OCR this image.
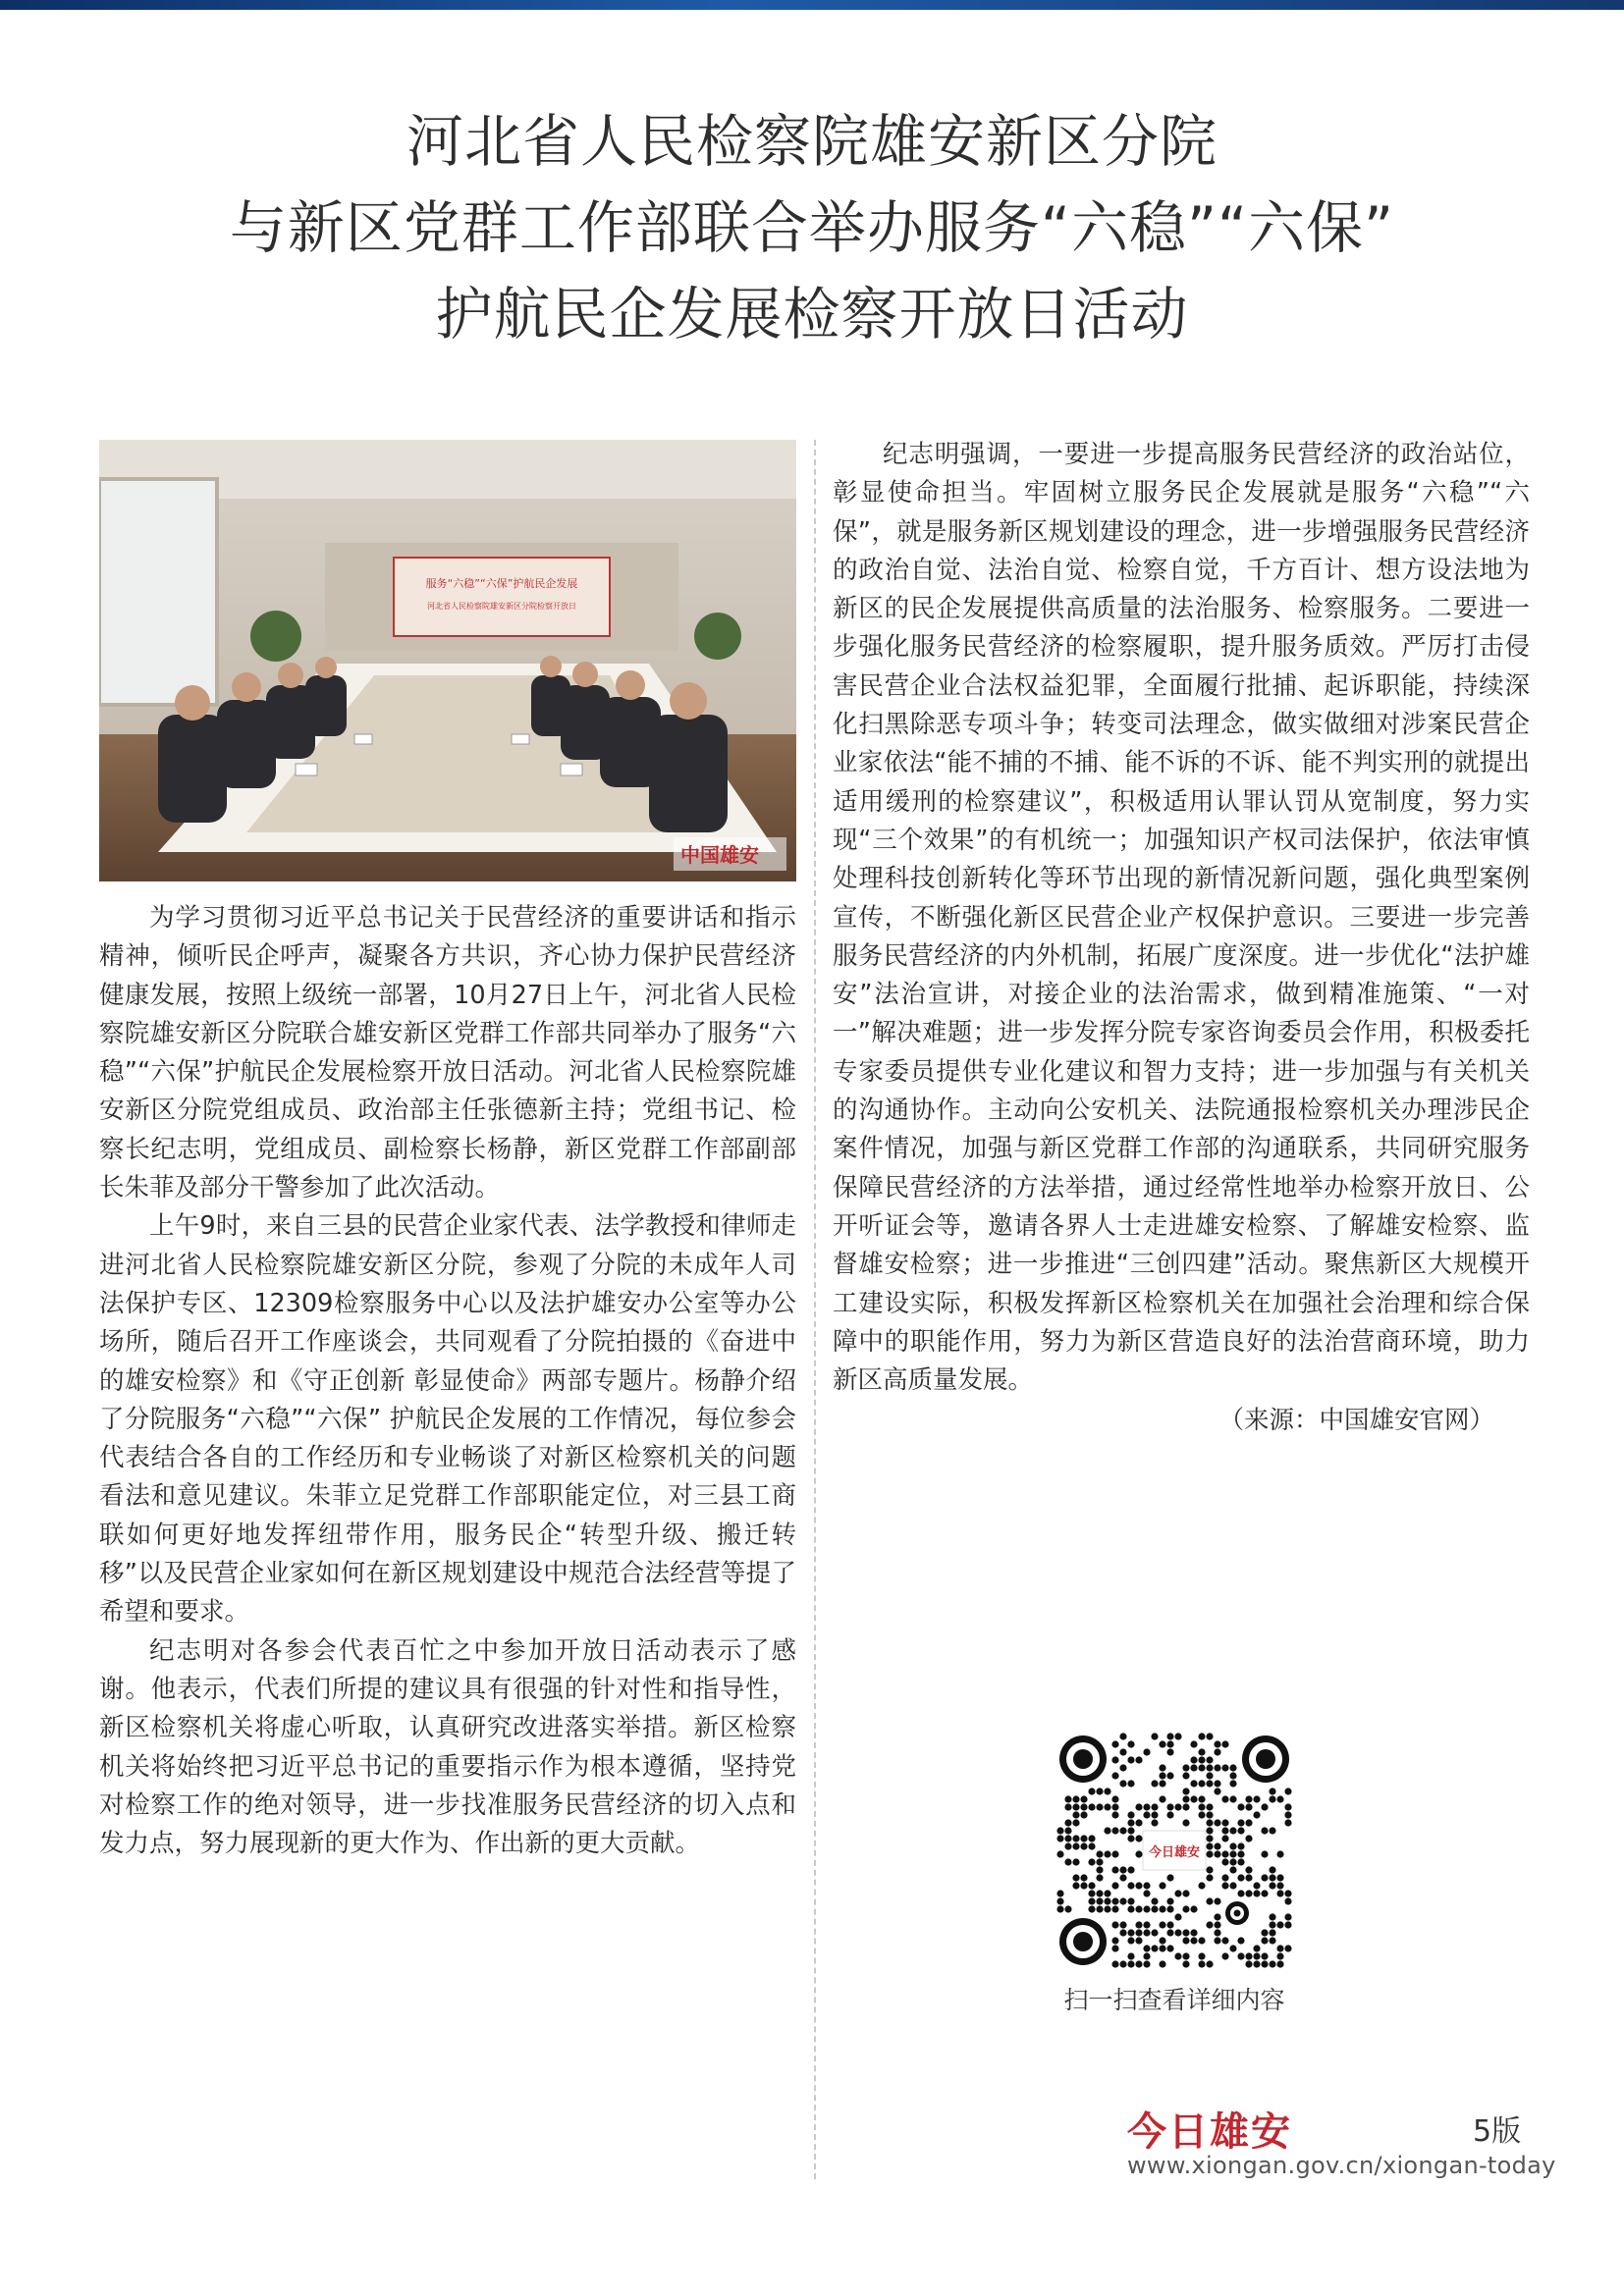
河北省人民检察院雄安新区分院
与新区党群工作部联合举办服务“六稳”“六保”
护航民企发展检察开放日活动
服务“六稳”“六保”护航民企发展
河北省人民检察院雄安新区分院检察开放日
中国雄安

为学习贯彻习近平总书记关于民营经济的重要讲话和指示精神，倾听民企呼声，凝聚各方共识，齐心协力保护民营经济健康发展，按照上级统一部署，10月27日上午，河北省人民检察院雄安新区分院联合雄安新区党群工作部共同举办了服务“六稳”“六保”护航民企发展检察开放日活动。河北省人民检察院雄安新区分院党组成员、政治部主任张德新主持；党组书记、检察长纪志明，党组成员、副检察长杨静，新区党群工作部副部长朱菲及部分干警参加了此次活动。

上午9时，来自三县的民营企业家代表、法学教授和律师走进河北省人民检察院雄安新区分院，参观了分院的未成年人司法保护专区、12309检察服务中心以及法护雄安办公室等办公场所，随后召开工作座谈会，共同观看了分院拍摄的《奋进中的雄安检察》和《守正创新 彰显使命》两部专题片。杨静介绍了分院服务“六稳”“六保” 护航民企发展的工作情况，每位参会代表结合各自的工作经历和专业畅谈了对新区检察机关的问题看法和意见建议。朱菲立足党群工作部职能定位，对三县工商联如何更好地发挥纽带作用，服务民企“转型升级、搬迁转移”以及民营企业家如何在新区规划建设中规范合法经营等提了希望和要求。

纪志明对各参会代表百忙之中参加开放日活动表示了感谢。他表示，代表们所提的建议具有很强的针对性和指导性，新区检察机关将虚心听取，认真研究改进落实举措。新区检察机关将始终把习近平总书记的重要指示作为根本遵循，坚持党对检察工作的绝对领导，进一步找准服务民营经济的切入点和发力点，努力展现新的更大作为、作出新的更大贡献。

纪志明强调，一要进一步提高服务民营经济的政治站位，彰显使命担当。牢固树立服务民企发展就是服务“六稳”“六保”，就是服务新区规划建设的理念，进一步增强服务民营经济的政治自觉、法治自觉、检察自觉，千方百计、想方设法地为新区的民企发展提供高质量的法治服务、检察服务。二要进一步强化服务民营经济的检察履职，提升服务质效。严厉打击侵害民营企业合法权益犯罪，全面履行批捕、起诉职能，持续深化扫黑除恶专项斗争；转变司法理念，做实做细对涉案民营企业家依法“能不捕的不捕、能不诉的不诉、能不判实刑的就提出适用缓刑的检察建议”，积极适用认罪认罚从宽制度，努力实现“三个效果”的有机统一；加强知识产权司法保护，依法审慎处理科技创新转化等环节出现的新情况新问题，强化典型案例宣传，不断强化新区民营企业产权保护意识。三要进一步完善服务民营经济的内外机制，拓展广度深度。进一步优化“法护雄安”法治宣讲，对接企业的法治需求，做到精准施策、“一对一”解决难题；进一步发挥分院专家咨询委员会作用，积极委托专家委员提供专业化建议和智力支持；进一步加强与有关机关的沟通协作。主动向公安机关、法院通报检察机关办理涉民企案件情况，加强与新区党群工作部的沟通联系，共同研究服务保障民营经济的方法举措，通过经常性地举办检察开放日、公开听证会等，邀请各界人士走进雄安检察、了解雄安检察、监督雄安检察；进一步推进“三创四建”活动。聚焦新区大规模开工建设实际，积极发挥新区检察机关在加强社会治理和综合保障中的职能作用，努力为新区营造良好的法治营商环境，助力新区高质量发展。

（来源：中国雄安官网）

今日雄安
扫一扫查看详细内容
今日雄安	5版
www.xiongan.gov.cn/xiongan-today
